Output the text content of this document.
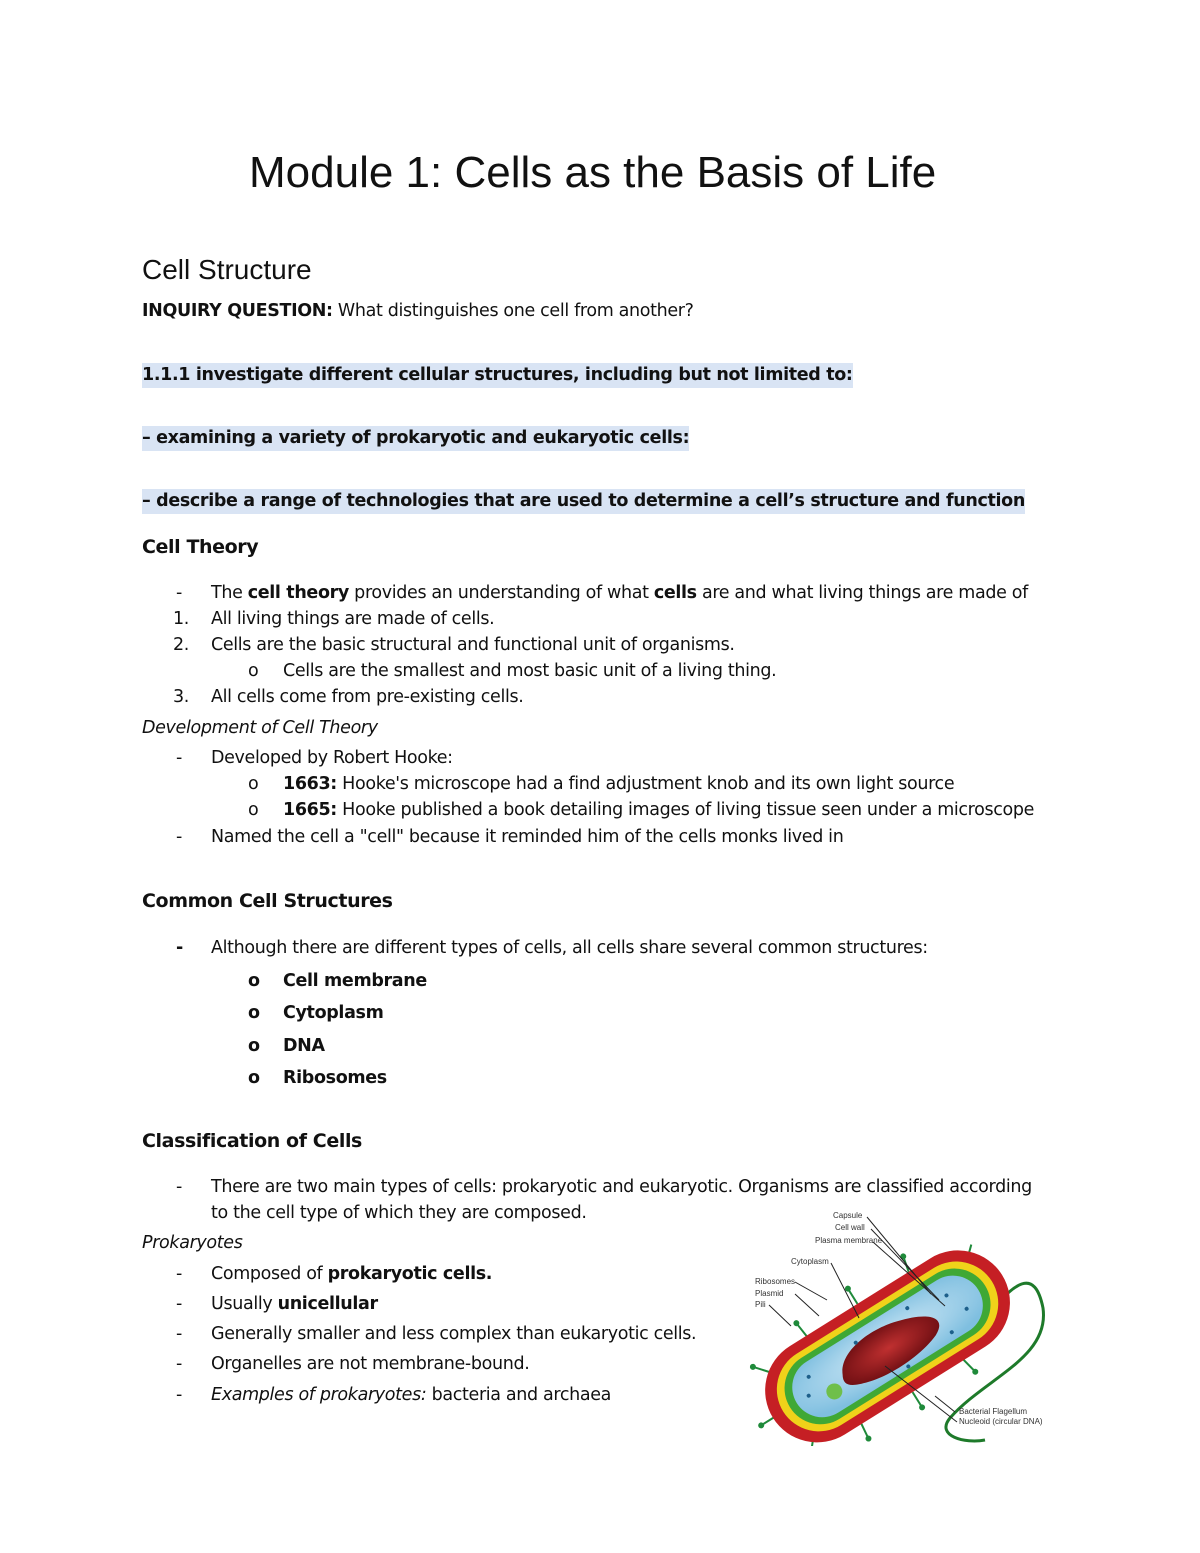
Module 1: Cells as the Basis of Life
Cell Structure
INQUIRY QUESTION: What distinguishes one cell from another?
1.1.1 investigate different cellular structures, including but not limited to:
– examining a variety of prokaryotic and eukaryotic cells:
– describe a range of technologies that are used to determine a cell’s structure and function
Cell Theory
- The cell theory provides an understanding of what cells are and what living things are made of
1. All living things are made of cells.
2. Cells are the basic structural and functional unit of organisms.
o Cells are the smallest and most basic unit of a living thing.
3. All cells come from pre-existing cells.
Development of Cell Theory
- Developed by Robert Hooke:
o 1663: Hooke's microscope had a find adjustment knob and its own light source
o 1665: Hooke published a book detailing images of living tissue seen under a microscope
- Named the cell a "cell" because it reminded him of the cells monks lived in
Common Cell Structures
- Although there are different types of cells, all cells share several common structures:
o Cell membrane
o Cytoplasm
o DNA
o Ribosomes
Classification of Cells
- There are two main types of cells: prokaryotic and eukaryotic. Organisms are classified according
to the cell type of which they are composed.
Prokaryotes
- Composed of prokaryotic cells.
- Usually unicellular
- Generally smaller and less complex than eukaryotic cells.
- Organelles are not membrane-bound.
- Examples of prokaryotes: bacteria and archaea
Capsule
Cell wall
Plasma membrane
Cytoplasm
Ribosomes
Plasmid
Pili
Bacterial Flagellum
Nucleoid (circular DNA)
